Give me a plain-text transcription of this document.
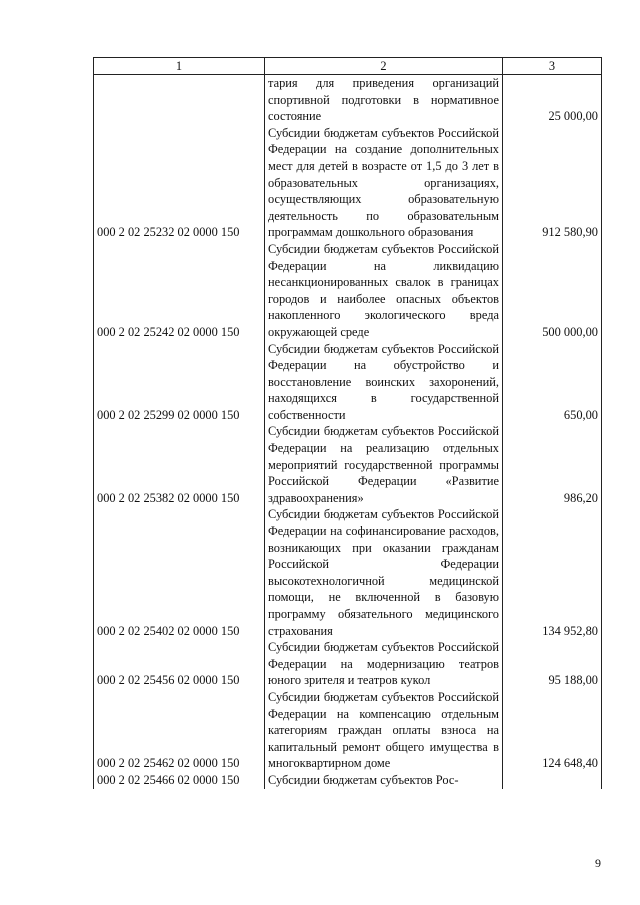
1	2	3
	тария для приведения организаций спортивной подготовки в нормативное состояние	25 000,00
000 2 02 25232 02 0000 150	Субсидии бюджетам субъектов Российской Федерации на создание дополнительных мест для детей в возрасте от 1,5 до 3 лет в образовательных организациях, осуществляющих образовательную деятельность по образовательным программам дошкольного образования	912 580,90
000 2 02 25242 02 0000 150	Субсидии бюджетам субъектов Российской Федерации на ликвидацию несанкционированных свалок в границах городов и наиболее опасных объектов накопленного экологического вреда окружающей среде	500 000,00
000 2 02 25299 02 0000 150	Субсидии бюджетам субъектов Российской Федерации на обустройство и восстановление воинских захоронений, находящихся в государственной собственности	650,00
000 2 02 25382 02 0000 150	Субсидии бюджетам субъектов Российской Федерации на реализацию отдельных мероприятий государственной программы Российской Федерации «Развитие здравоохранения»	986,20
000 2 02 25402 02 0000 150	Субсидии бюджетам субъектов Российской Федерации на софинансирование расходов, возникающих при оказании гражданам Российской Федерации высокотехнологичной медицинской помощи, не включенной в базовую программу обязательного медицинского страхования	134 952,80
000 2 02 25456 02 0000 150	Субсидии бюджетам субъектов Российской Федерации на модернизацию театров юного зрителя и театров кукол	95 188,00
000 2 02 25462 02 0000 150	Субсидии бюджетам субъектов Российской Федерации на компенсацию отдельным категориям граждан оплаты взноса на капитальный ремонт общего имущества в многоквартирном доме	124 648,40
000 2 02 25466 02 0000 150	Субсидии бюджетам субъектов Рос-	
9
